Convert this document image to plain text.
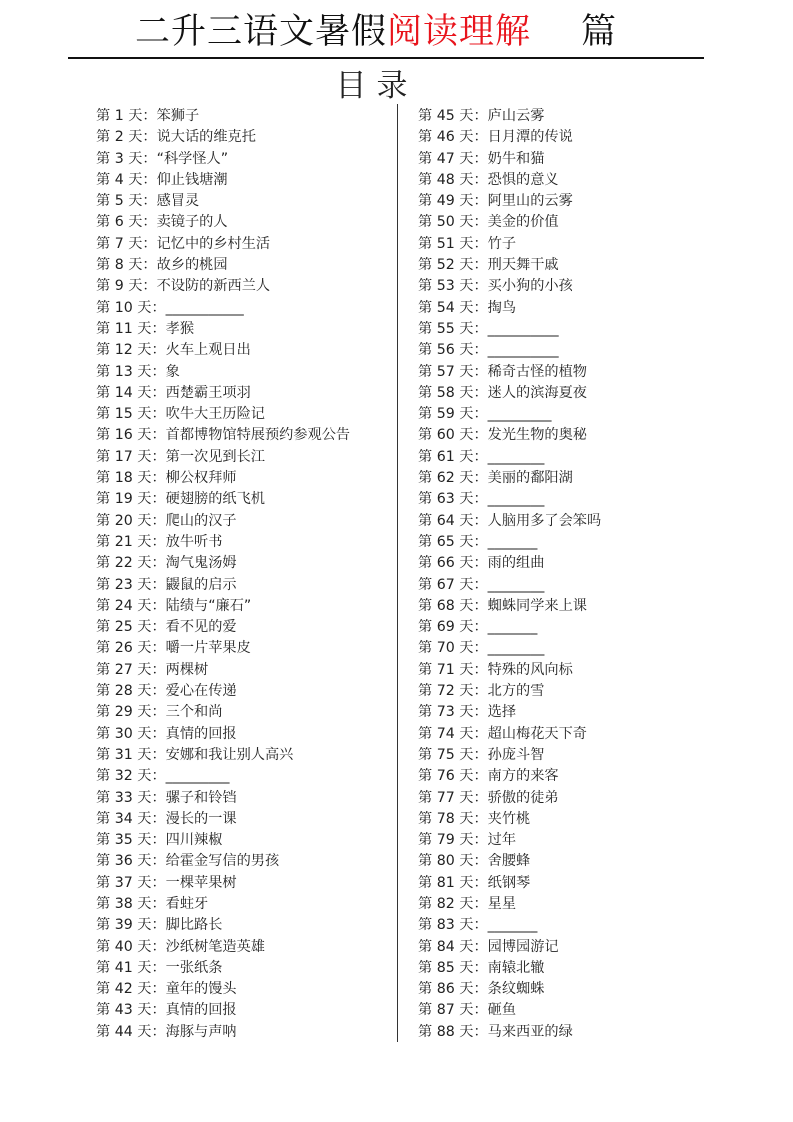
二升三语文暑假阅读理解 篇
目录
第 1 天：笨狮子
第 2 天：说大话的维克托
第 3 天：“科学怪人”
第 4 天：仰止钱塘潮
第 5 天：感冒灵
第 6 天：卖镜子的人
第 7 天：记忆中的乡村生活
第 8 天：故乡的桃园
第 9 天：不设防的新西兰人
第 10 天：___________
第 11 天：孝猴
第 12 天：火车上观日出
第 13 天：象
第 14 天：西楚霸王项羽
第 15 天：吹牛大王历险记
第 16 天：首都博物馆特展预约参观公告
第 17 天：第一次见到长江
第 18 天：柳公权拜师
第 19 天：硬翅膀的纸飞机
第 20 天：爬山的汉子
第 21 天：放牛听书
第 22 天：淘气鬼汤姆
第 23 天：鼹鼠的启示
第 24 天：陆绩与“廉石”
第 25 天：看不见的爱
第 26 天：嚼一片苹果皮
第 27 天：两棵树
第 28 天：爱心在传递
第 29 天：三个和尚
第 30 天：真情的回报
第 31 天：安娜和我让别人高兴
第 32 天：_________
第 33 天：骡子和铃铛
第 34 天：漫长的一课
第 35 天：四川辣椒
第 36 天：给霍金写信的男孩
第 37 天：一棵苹果树
第 38 天：看蛀牙
第 39 天：脚比路长
第 40 天：沙纸树笔造英雄
第 41 天：一张纸条
第 42 天：童年的馒头
第 43 天：真情的回报
第 44 天：海豚与声呐
第 45 天：庐山云雾
第 46 天：日月潭的传说
第 47 天：奶牛和猫
第 48 天：恐惧的意义
第 49 天：阿里山的云雾
第 50 天：美金的价值
第 51 天：竹子
第 52 天：刑天舞干戚
第 53 天：买小狗的小孩
第 54 天：掏鸟
第 55 天：__________
第 56 天：__________
第 57 天：稀奇古怪的植物
第 58 天：迷人的滨海夏夜
第 59 天：_________
第 60 天：发光生物的奥秘
第 61 天：________
第 62 天：美丽的鄱阳湖
第 63 天：________
第 64 天：人脑用多了会笨吗
第 65 天：_______
第 66 天：雨的组曲
第 67 天：________
第 68 天：蜘蛛同学来上课
第 69 天：_______
第 70 天：________
第 71 天：特殊的风向标
第 72 天：北方的雪
第 73 天：选择
第 74 天：超山梅花天下奇
第 75 天：孙庞斗智
第 76 天：南方的来客
第 77 天：骄傲的徒弟
第 78 天：夹竹桃
第 79 天：过年
第 80 天：舍腰蜂
第 81 天：纸钢琴
第 82 天：星星
第 83 天：_______
第 84 天：园博园游记
第 85 天：南辕北辙
第 86 天：条纹蜘蛛
第 87 天：砸鱼
第 88 天：马来西亚的绿
